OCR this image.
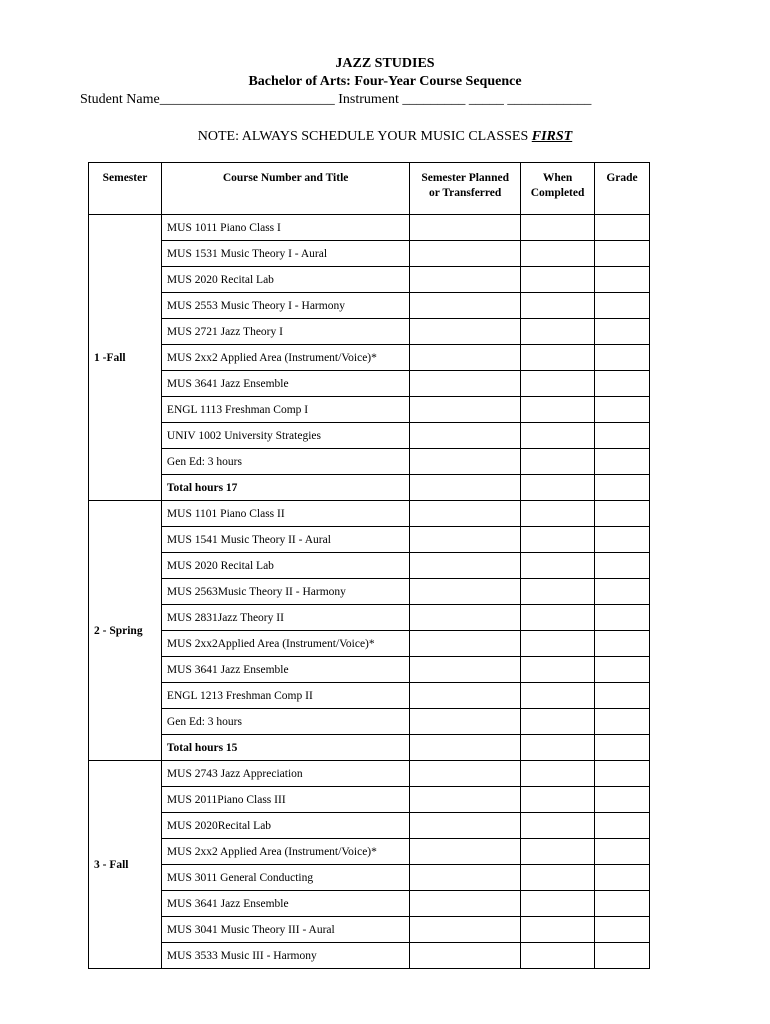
JAZZ STUDIES
Bachelor of Arts: Four-Year Course Sequence
Student Name_________________________ Instrument _________ _____ ____________
NOTE: ALWAYS SCHEDULE YOUR MUSIC CLASSES FIRST
Semester	Course Number and Title	Semester Planned or Transferred	When Completed	Grade

1 -Fall	MUS 1011 Piano Class I			
	MUS 1531 Music Theory I - Aural			
	MUS 2020 Recital Lab			
	MUS 2553 Music Theory I - Harmony			
	MUS 2721 Jazz Theory I			
	MUS 2xx2 Applied Area (Instrument/Voice)*			
	MUS 3641 Jazz Ensemble			
	ENGL 1113 Freshman Comp I			
	UNIV 1002 University Strategies			
	Gen Ed: 3 hours			
	Total hours 17			

2 - Spring	MUS 1101 Piano Class II			
	MUS 1541 Music Theory II - Aural			
	MUS 2020 Recital Lab			
	MUS 2563Music Theory II - Harmony			
	MUS 2831Jazz Theory II			
	MUS 2xx2Applied Area (Instrument/Voice)*			
	MUS 3641 Jazz Ensemble			
	ENGL 1213 Freshman Comp II			
	Gen Ed: 3 hours			
	Total hours 15			

3 - Fall	MUS 2743 Jazz Appreciation			
	MUS 2011Piano Class III			
	MUS 2020Recital Lab			
	MUS 2xx2 Applied Area (Instrument/Voice)*			
	MUS 3011 General Conducting			
	MUS 3641 Jazz Ensemble			
	MUS 3041 Music Theory III - Aural			
	MUS 3533 Music III - Harmony			
